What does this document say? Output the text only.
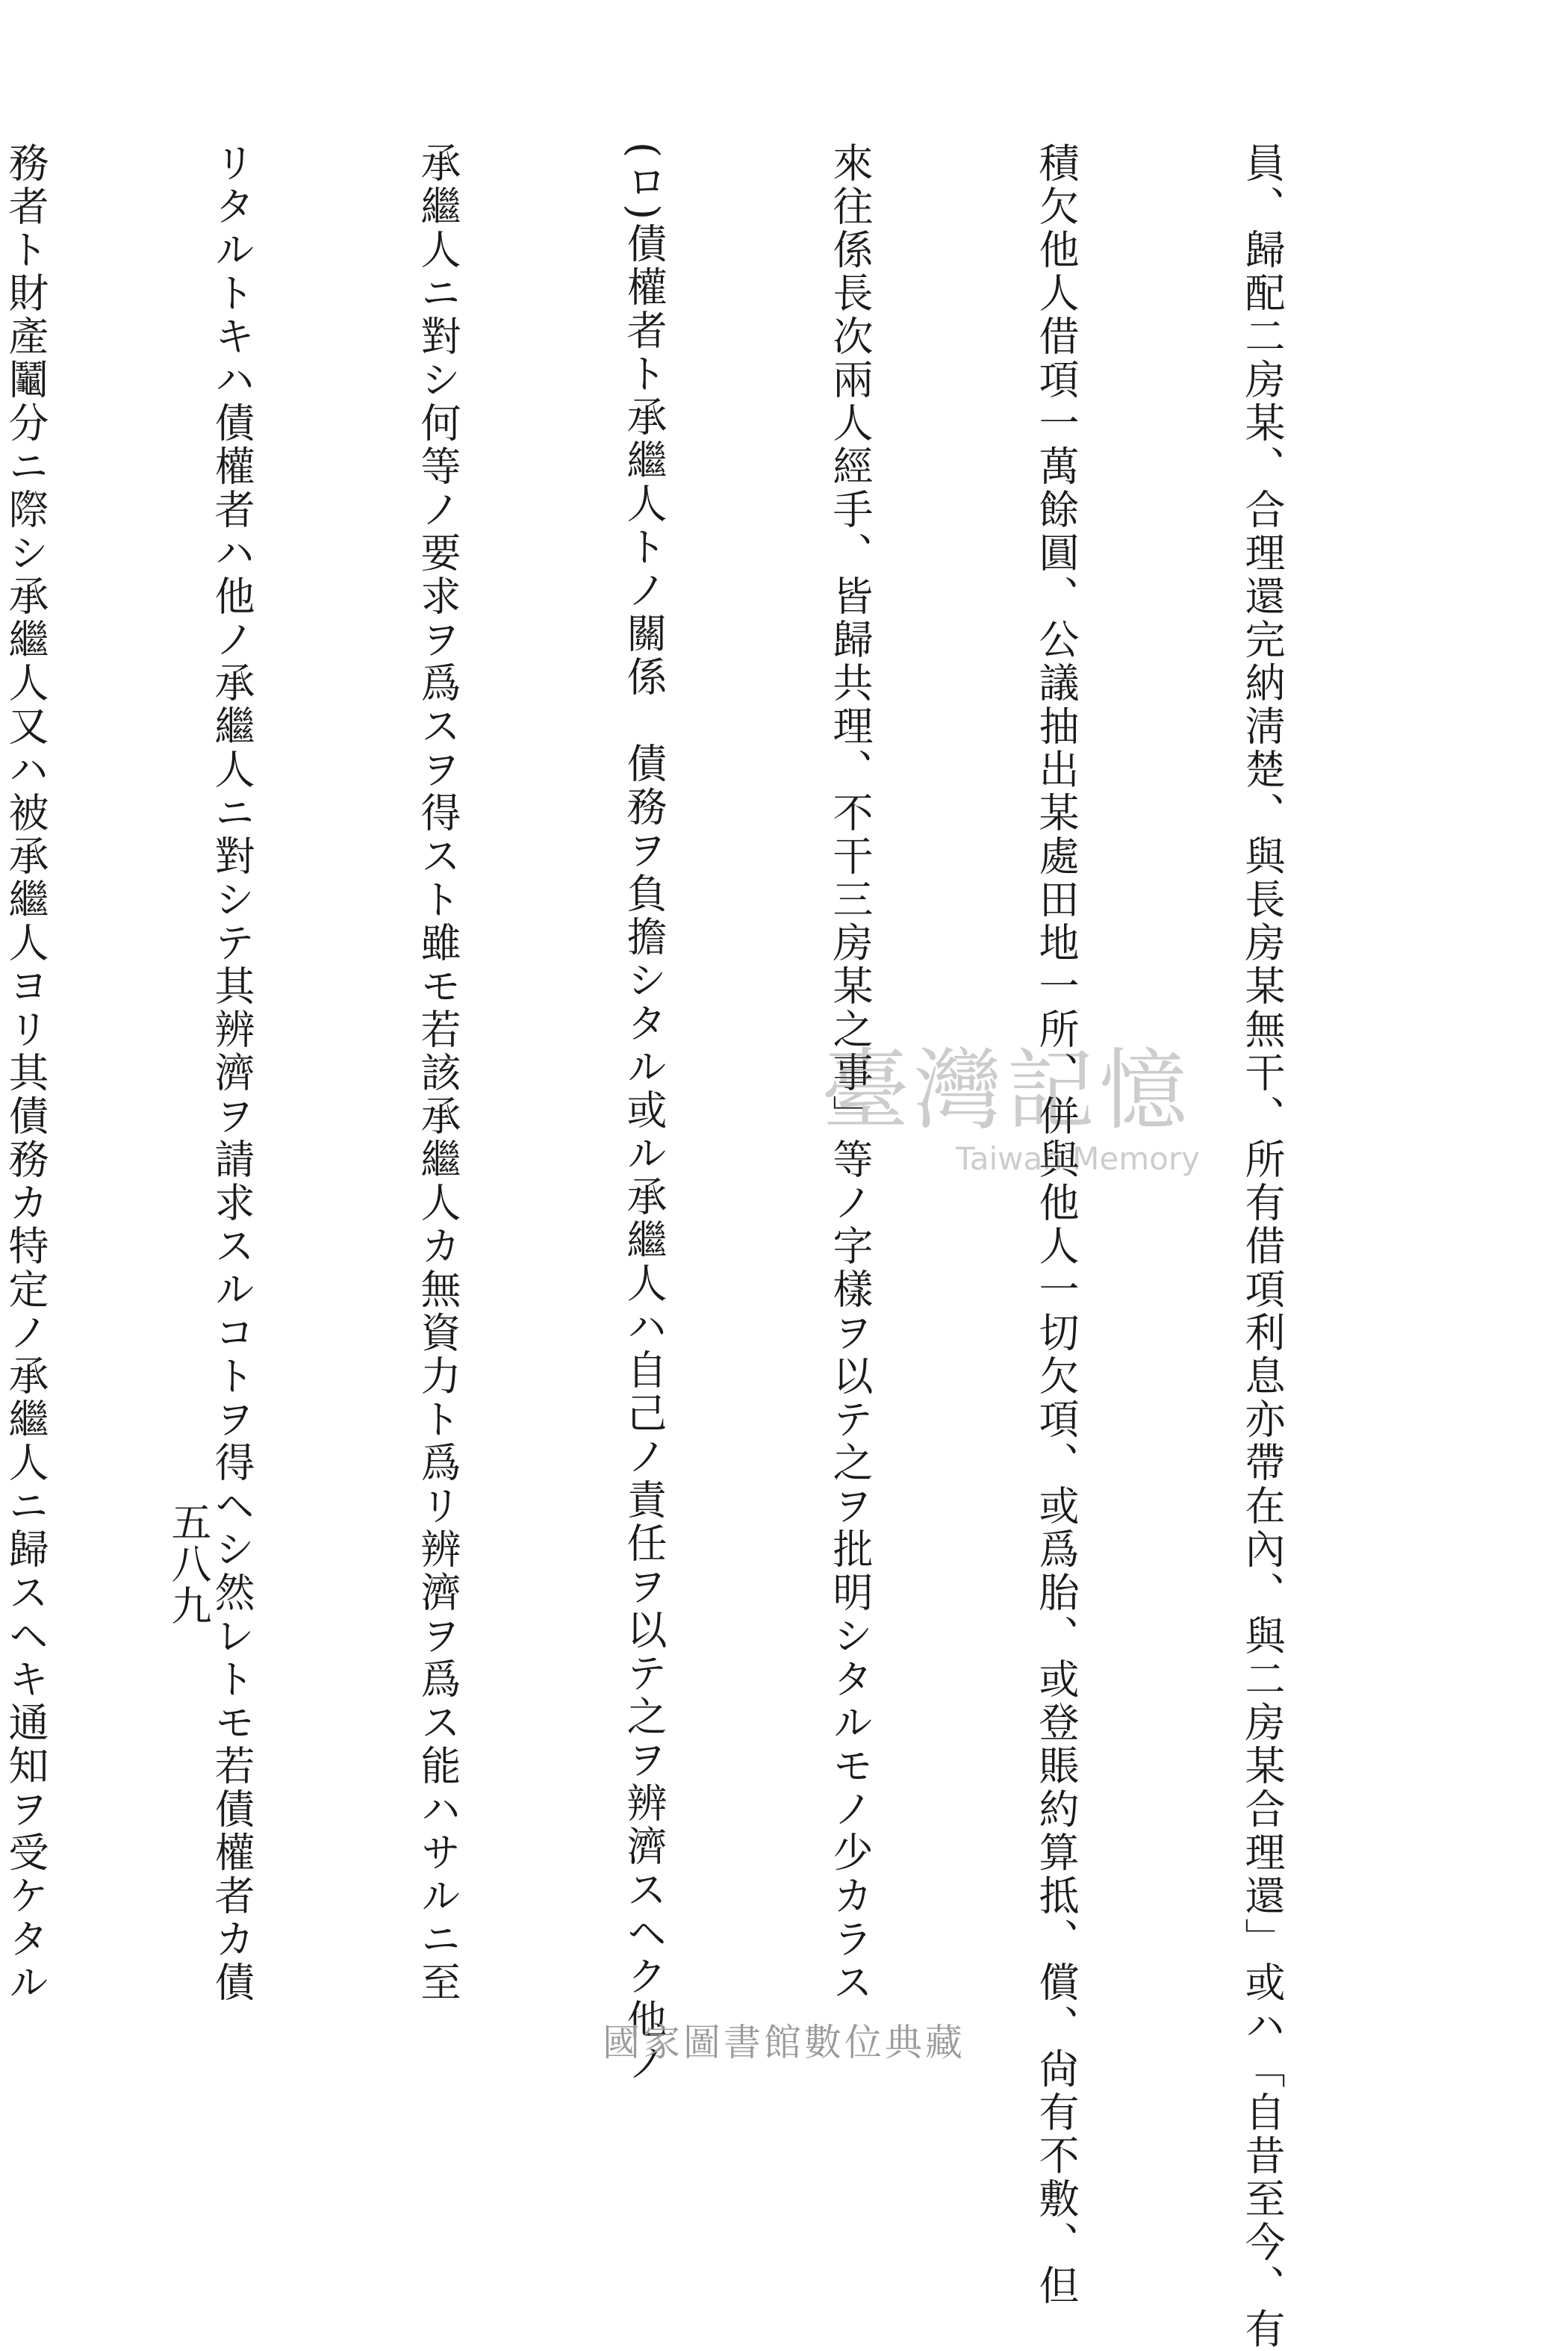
員、歸配二房某、合理還完納淸楚、與長房某無干、所有借項利息亦帶在內、與二房某合理還」或ハ「自昔至今、有

積欠他人借項一萬餘圓、公議抽出某處田地一所、併與他人一切欠項、或爲胎、或登賬約算抵、償、尙有不敷、但

來往係長次兩人經手、皆歸共理、不干三房某之事」等ノ字樣ヲ以テ之ヲ批明シタルモノ少カラス

(ロ)債權者ト承繼人トノ關係　債務ヲ負擔シタル或ル承繼人ハ自己ノ責任ヲ以テ之ヲ辨濟スヘク他ノ

承繼人ニ對シ何等ノ要求ヲ爲スヲ得スト雖モ若該承繼人カ無資力ト爲リ辨濟ヲ爲ス能ハサルニ至

リタルトキハ債權者ハ他ノ承繼人ニ對シテ其辨濟ヲ請求スルコトヲ得ヘシ然レトモ若債權者カ債

務者ト財產鬮分ニ際シ承繼人又ハ被承繼人ヨリ其債務カ特定ノ承繼人ニ歸スヘキ通知ヲ受ケタル

	五八九
臺灣記憶
Taiwan Memory
國家圖書館數位典藏
